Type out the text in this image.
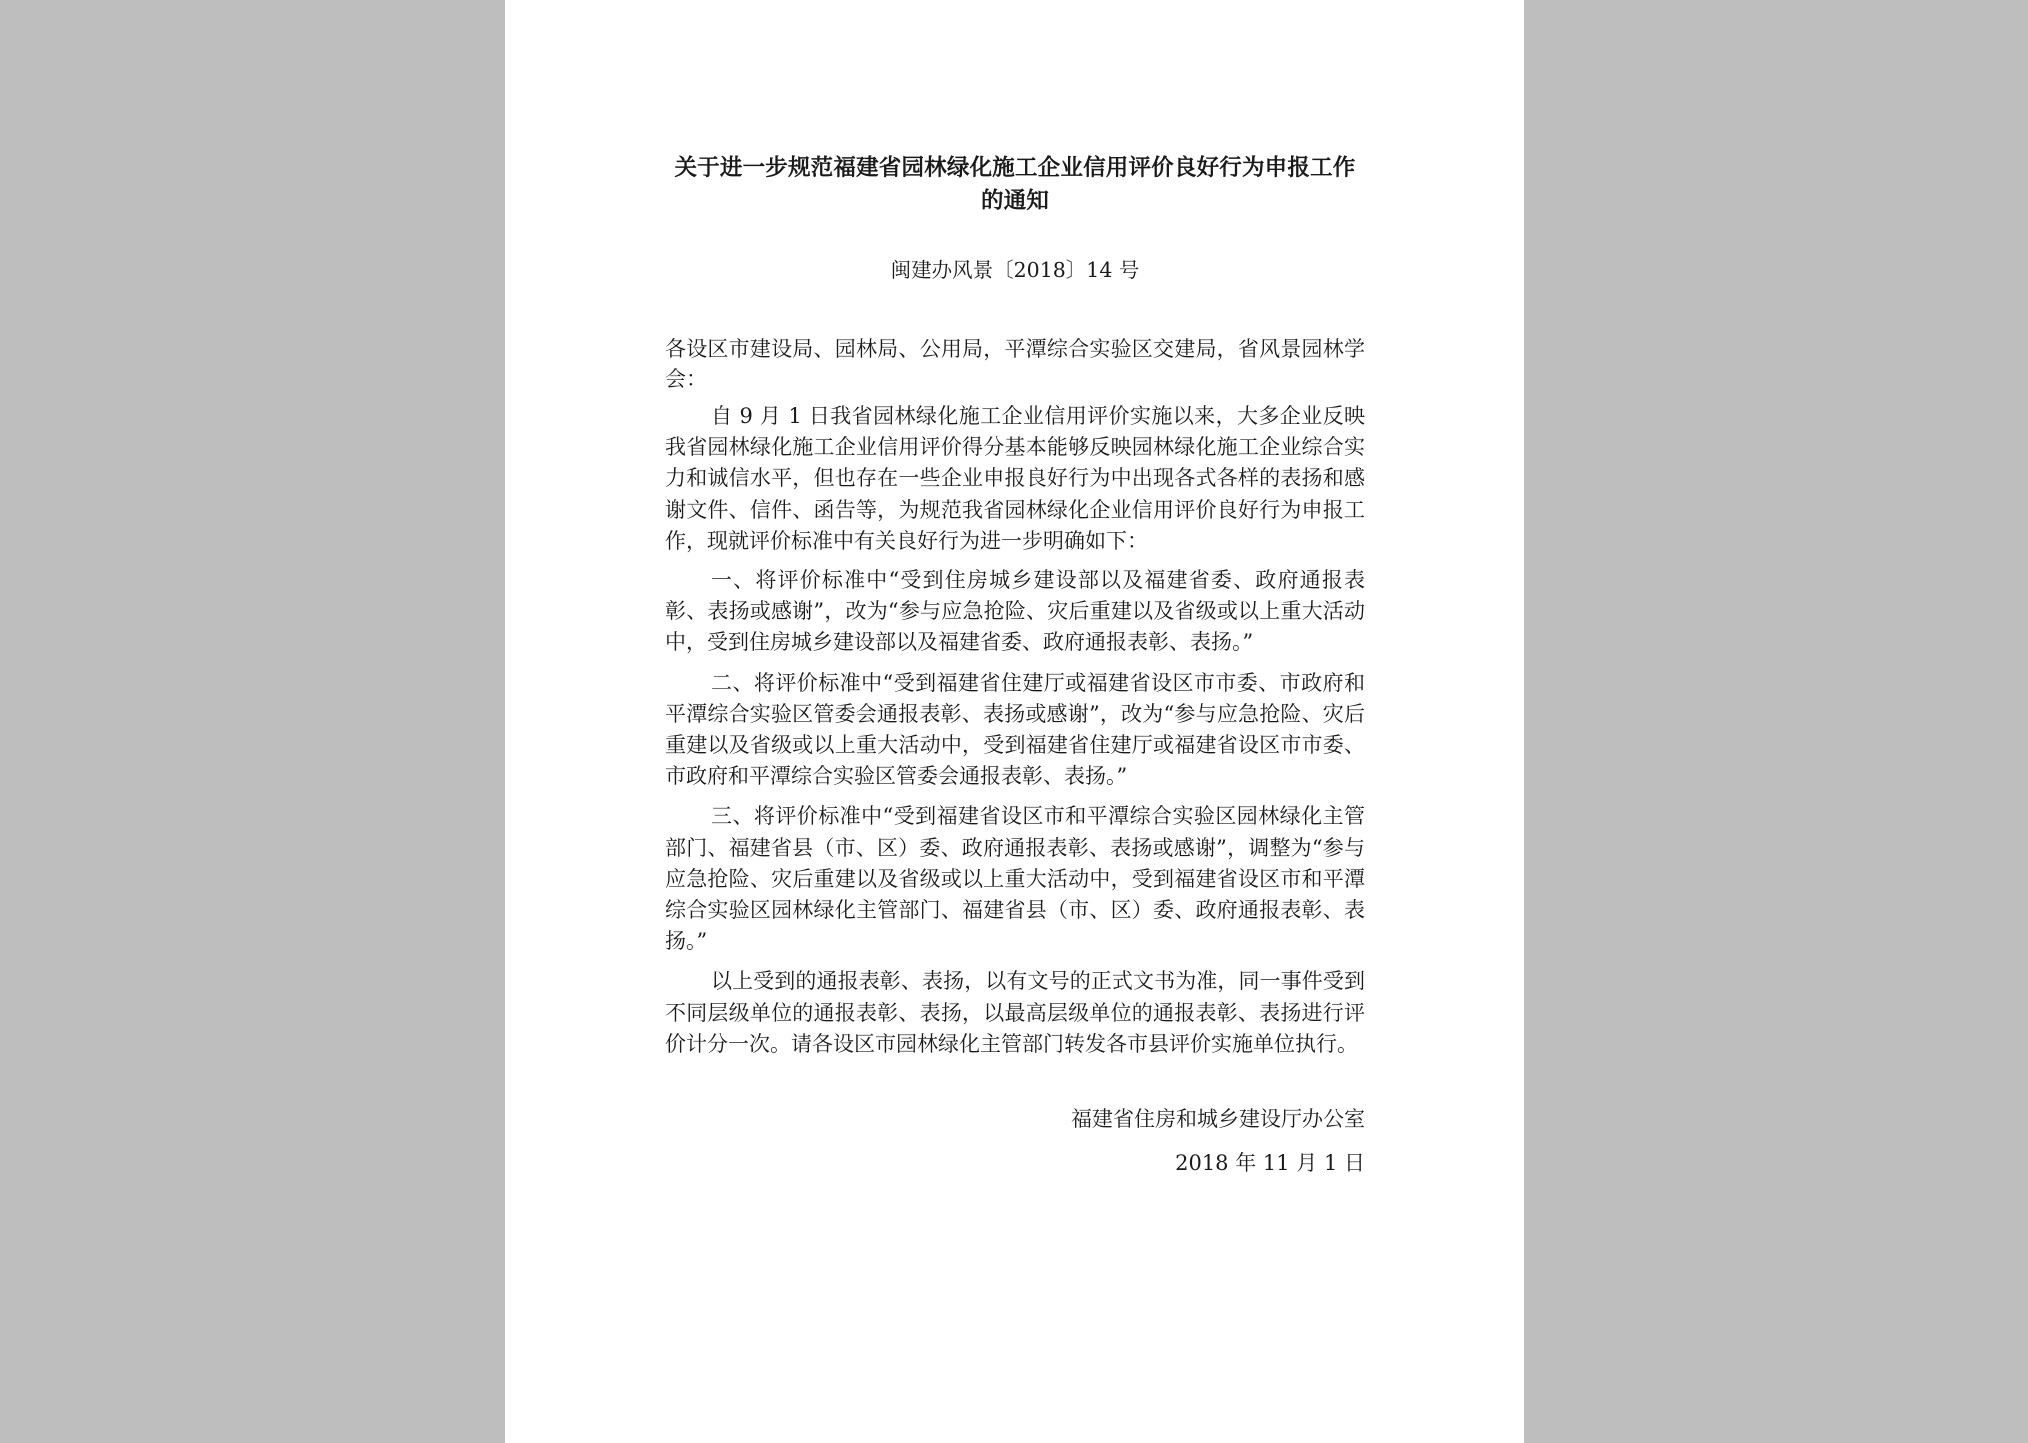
关于进一步规范福建省园林绿化施工企业信用评价良好行为申报工作的通知
闽建办风景〔2018〕14 号
各设区市建设局、园林局、公用局，平潭综合实验区交建局，省风景园林学会：

自 9 月 1 日我省园林绿化施工企业信用评价实施以来，大多企业反映我省园林绿化施工企业信用评价得分基本能够反映园林绿化施工企业综合实力和诚信水平，但也存在一些企业申报良好行为中出现各式各样的表扬和感谢文件、信件、函告等，为规范我省园林绿化企业信用评价良好行为申报工作，现就评价标准中有关良好行为进一步明确如下：

一、将评价标准中“受到住房城乡建设部以及福建省委、政府通报表彰、表扬或感谢”，改为“参与应急抢险、灾后重建以及省级或以上重大活动中，受到住房城乡建设部以及福建省委、政府通报表彰、表扬。”

二、将评价标准中“受到福建省住建厅或福建省设区市市委、市政府和平潭综合实验区管委会通报表彰、表扬或感谢”，改为“参与应急抢险、灾后重建以及省级或以上重大活动中，受到福建省住建厅或福建省设区市市委、市政府和平潭综合实验区管委会通报表彰、表扬。”

三、将评价标准中“受到福建省设区市和平潭综合实验区园林绿化主管部门、福建省县（市、区）委、政府通报表彰、表扬或感谢”，调整为“参与应急抢险、灾后重建以及省级或以上重大活动中，受到福建省设区市和平潭综合实验区园林绿化主管部门、福建省县（市、区）委、政府通报表彰、表扬。”

以上受到的通报表彰、表扬，以有文号的正式文书为准，同一事件受到不同层级单位的通报表彰、表扬，以最高层级单位的通报表彰、表扬进行评价计分一次。请各设区市园林绿化主管部门转发各市县评价实施单位执行。

福建省住房和城乡建设厅办公室
2018 年 11 月 1 日
